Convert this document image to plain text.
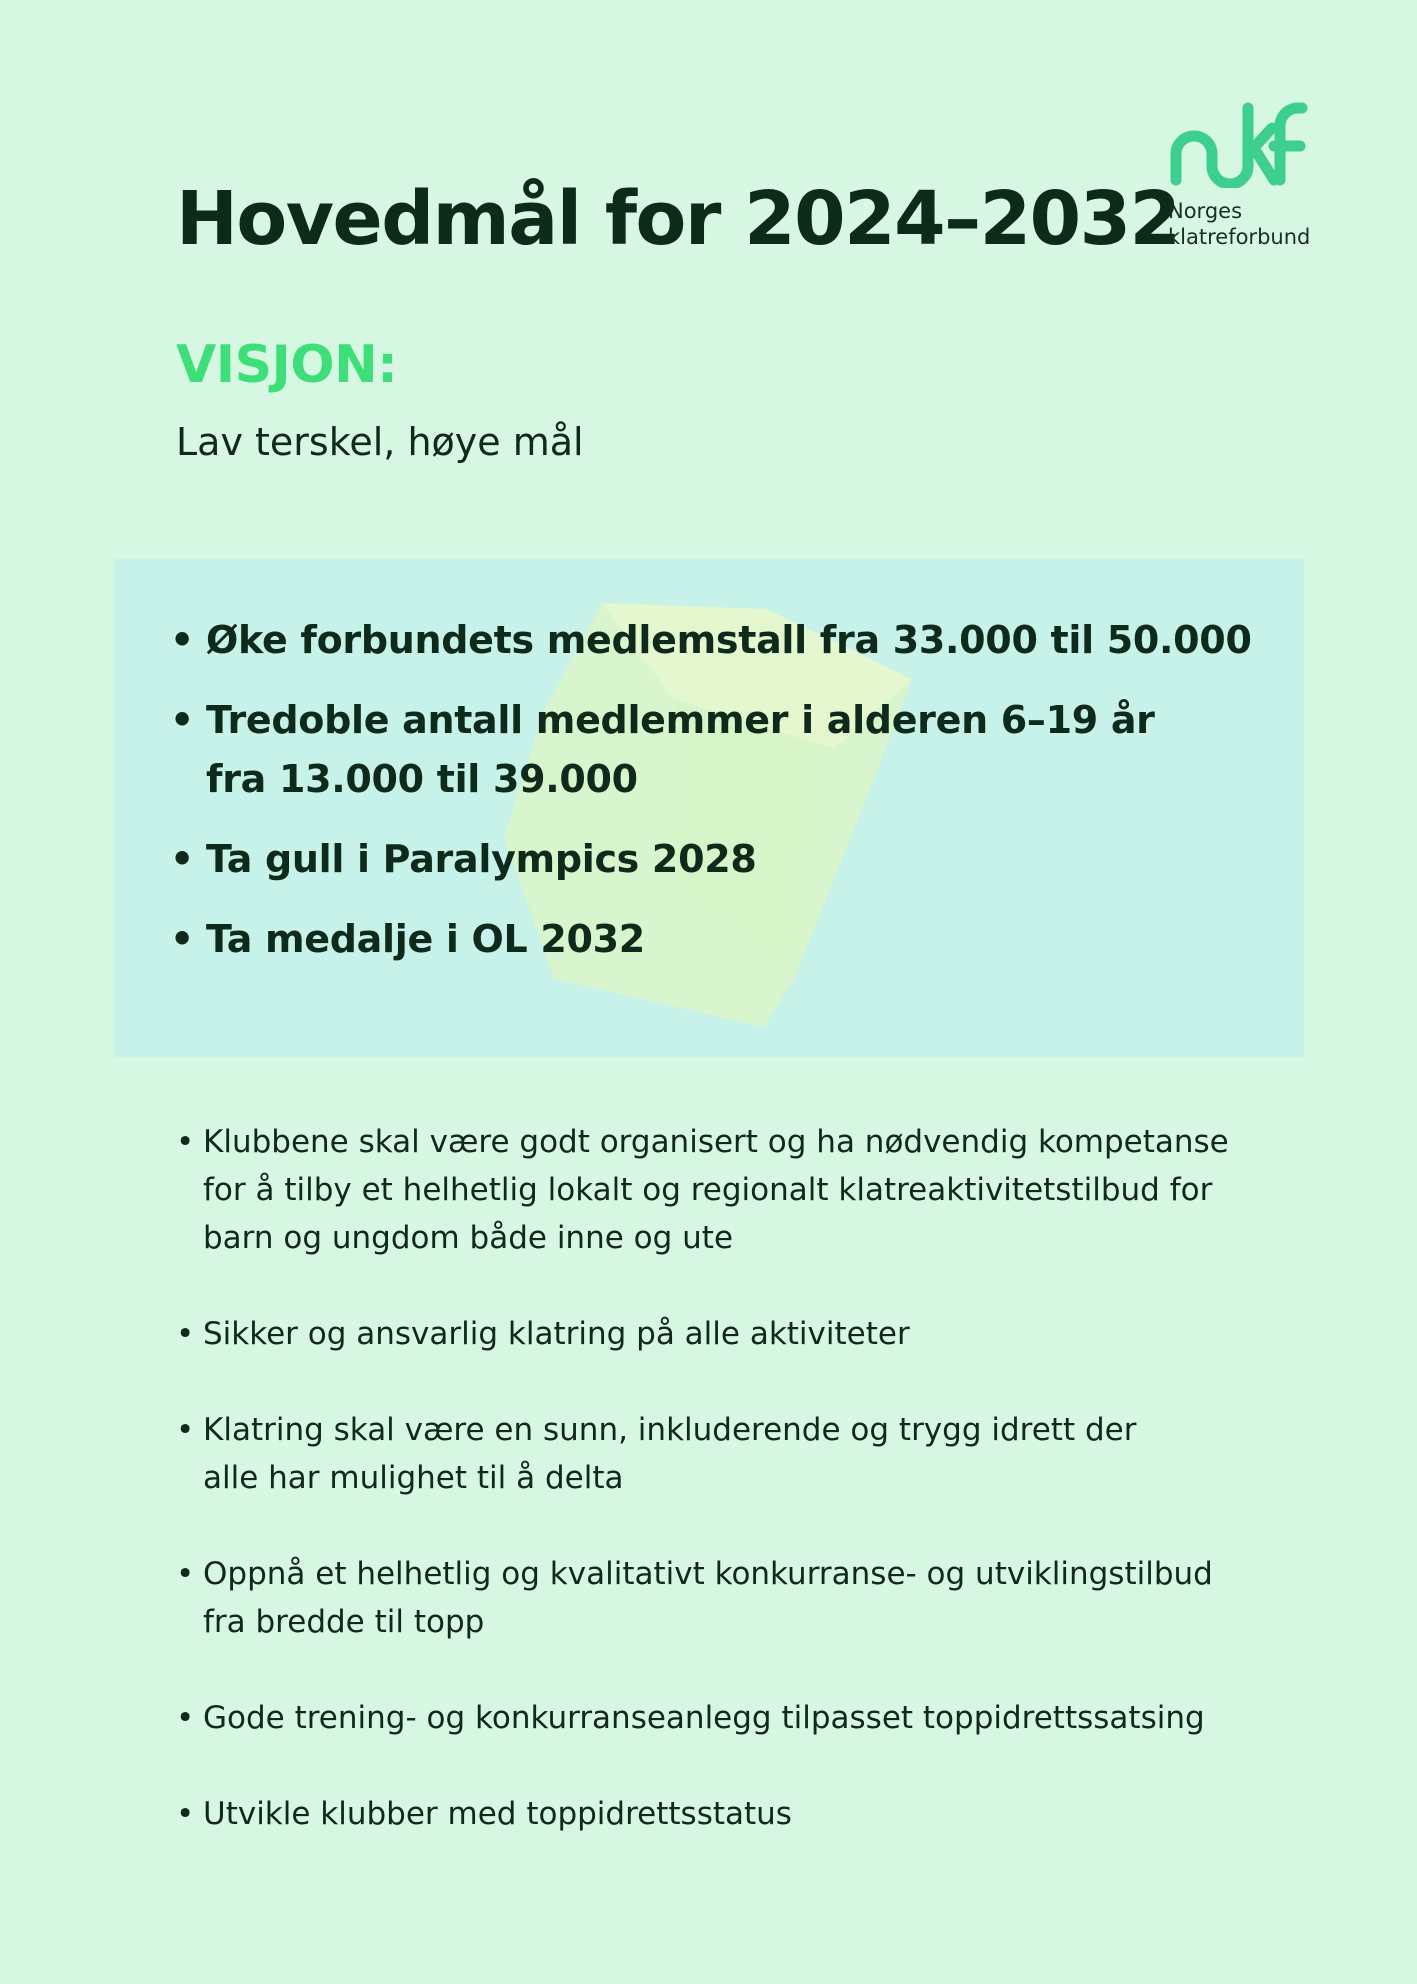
Hovedmål for 2024–2032
Norges
klatreforbund
VISJON:
Lav terskel, høye mål
• Øke forbundets medlemstall fra 33.000 til 50.000
• Tredoble antall medlemmer i alderen 6–19 år
fra 13.000 til 39.000
• Ta gull i Paralympics 2028
• Ta medalje i OL 2032
• Klubbene skal være godt organisert og ha nødvendig kompetanse
for å tilby et helhetlig lokalt og regionalt klatreaktivitetstilbud for
barn og ungdom både inne og ute
• Sikker og ansvarlig klatring på alle aktiviteter
• Klatring skal være en sunn, inkluderende og trygg idrett der
alle har mulighet til å delta
• Oppnå et helhetlig og kvalitativt konkurranse- og utviklingstilbud
fra bredde til topp
• Gode trening- og konkurranseanlegg tilpasset toppidrettssatsing
• Utvikle klubber med toppidrettsstatus
